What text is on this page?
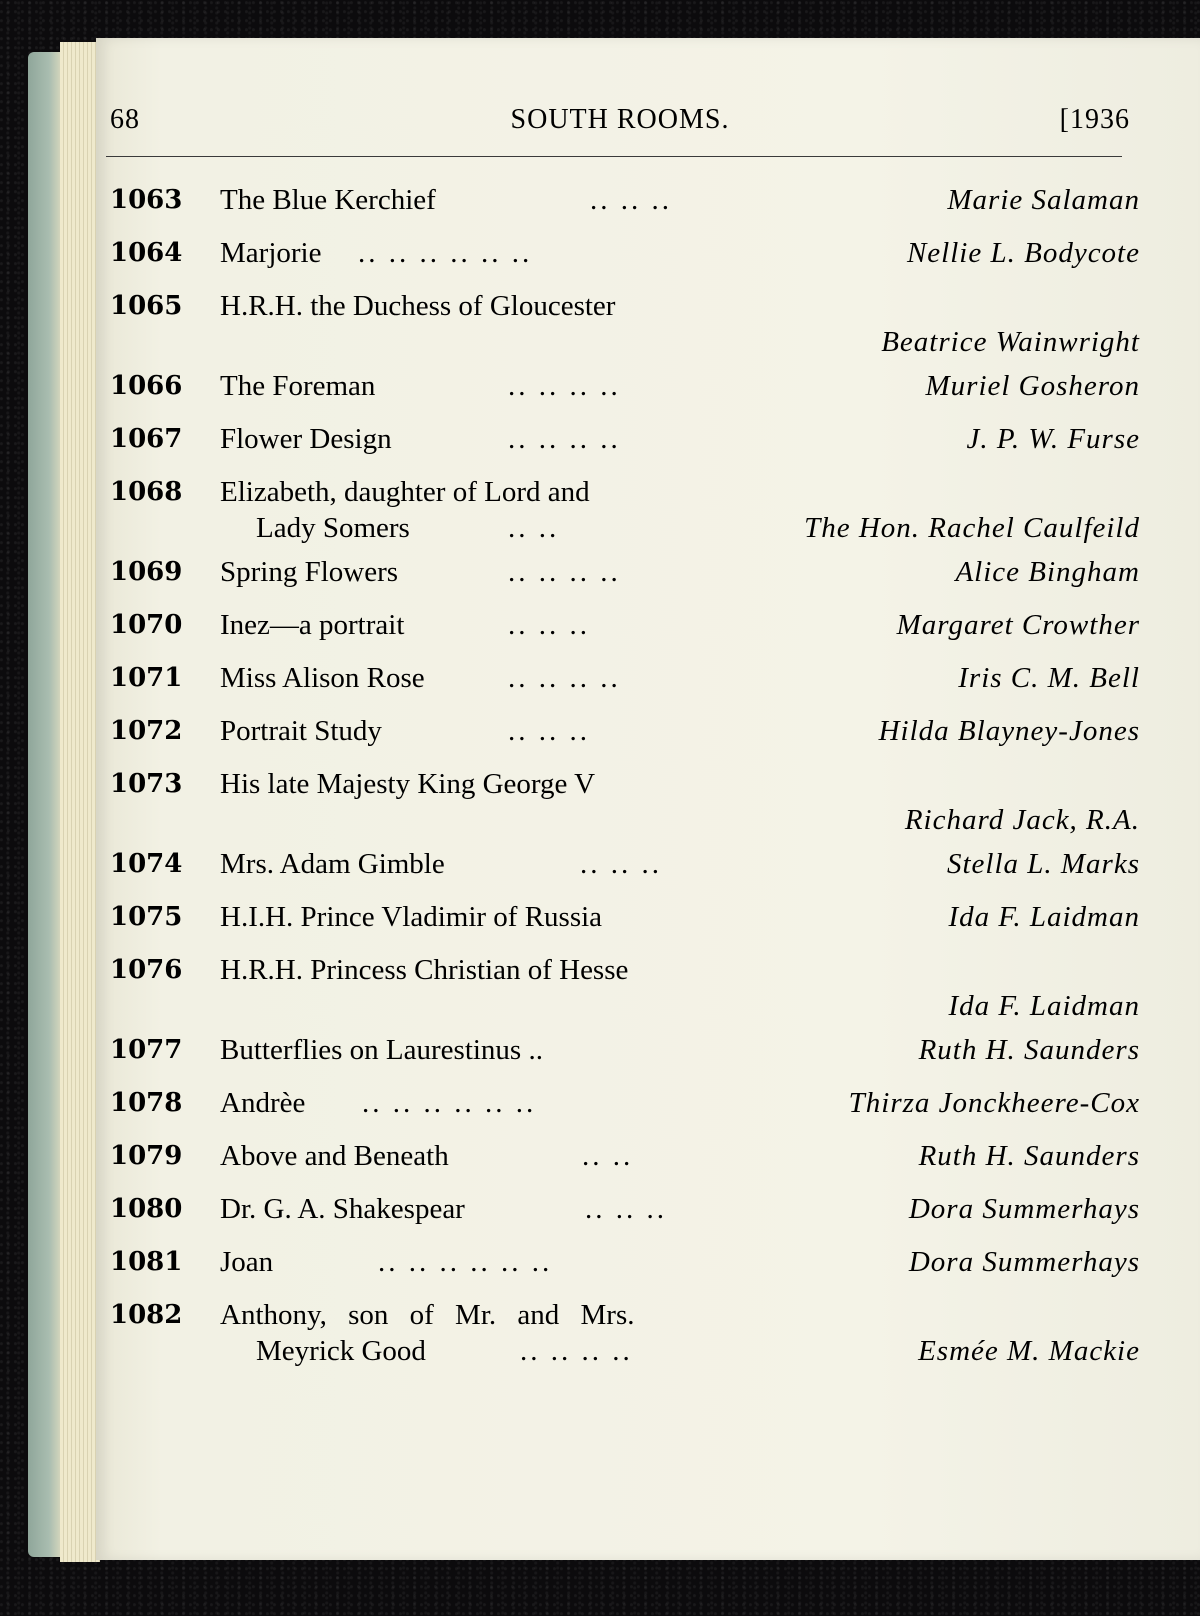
68	SOUTH ROOMS.	[1936
1063 The Blue Kerchief	.. .. ..	Marie Salaman
1064 Marjorie .. .. .. .. .. ..	Nellie L. Bodycote
1065 H.R.H. the Duchess of Gloucester
Beatrice Wainwright
1066 The Foreman	.. .. .. ..	Muriel Gosheron
1067 Flower Design	.. .. .. ..	J. P. W. Furse
1068 Elizabeth, daughter of Lord and
Lady Somers	.. ..	The Hon. Rachel Caulfeild
1069 Spring Flowers	.. .. .. ..	Alice Bingham
1070 Inez—a portrait	.. .. ..	Margaret Crowther
1071 Miss Alison Rose	.. .. .. ..	Iris C. M. Bell
1072 Portrait Study	.. .. ..	Hilda Blayney-Jones
1073 His late Majesty King George V
Richard Jack, R.A.
1074 Mrs. Adam Gimble	.. .. ..	Stella L. Marks
1075 H.I.H. Prince Vladimir of Russia	Ida F. Laidman
1076 H.R.H. Princess Christian of Hesse
Ida F. Laidman
1077 Butterflies on Laurestinus ..	Ruth H. Saunders
1078 Andrèe .. .. .. .. .. ..	Thirza Jonckheere-Cox
1079 Above and Beneath	.. ..	Ruth H. Saunders
1080 Dr. G. A. Shakespear	.. .. ..	Dora Summerhays
1081 Joan	.. .. .. .. .. ..	Dora Summerhays
1082 Anthony, son of Mr. and Mrs.
Meyrick Good	.. .. .. ..	Esmée M. Mackie
